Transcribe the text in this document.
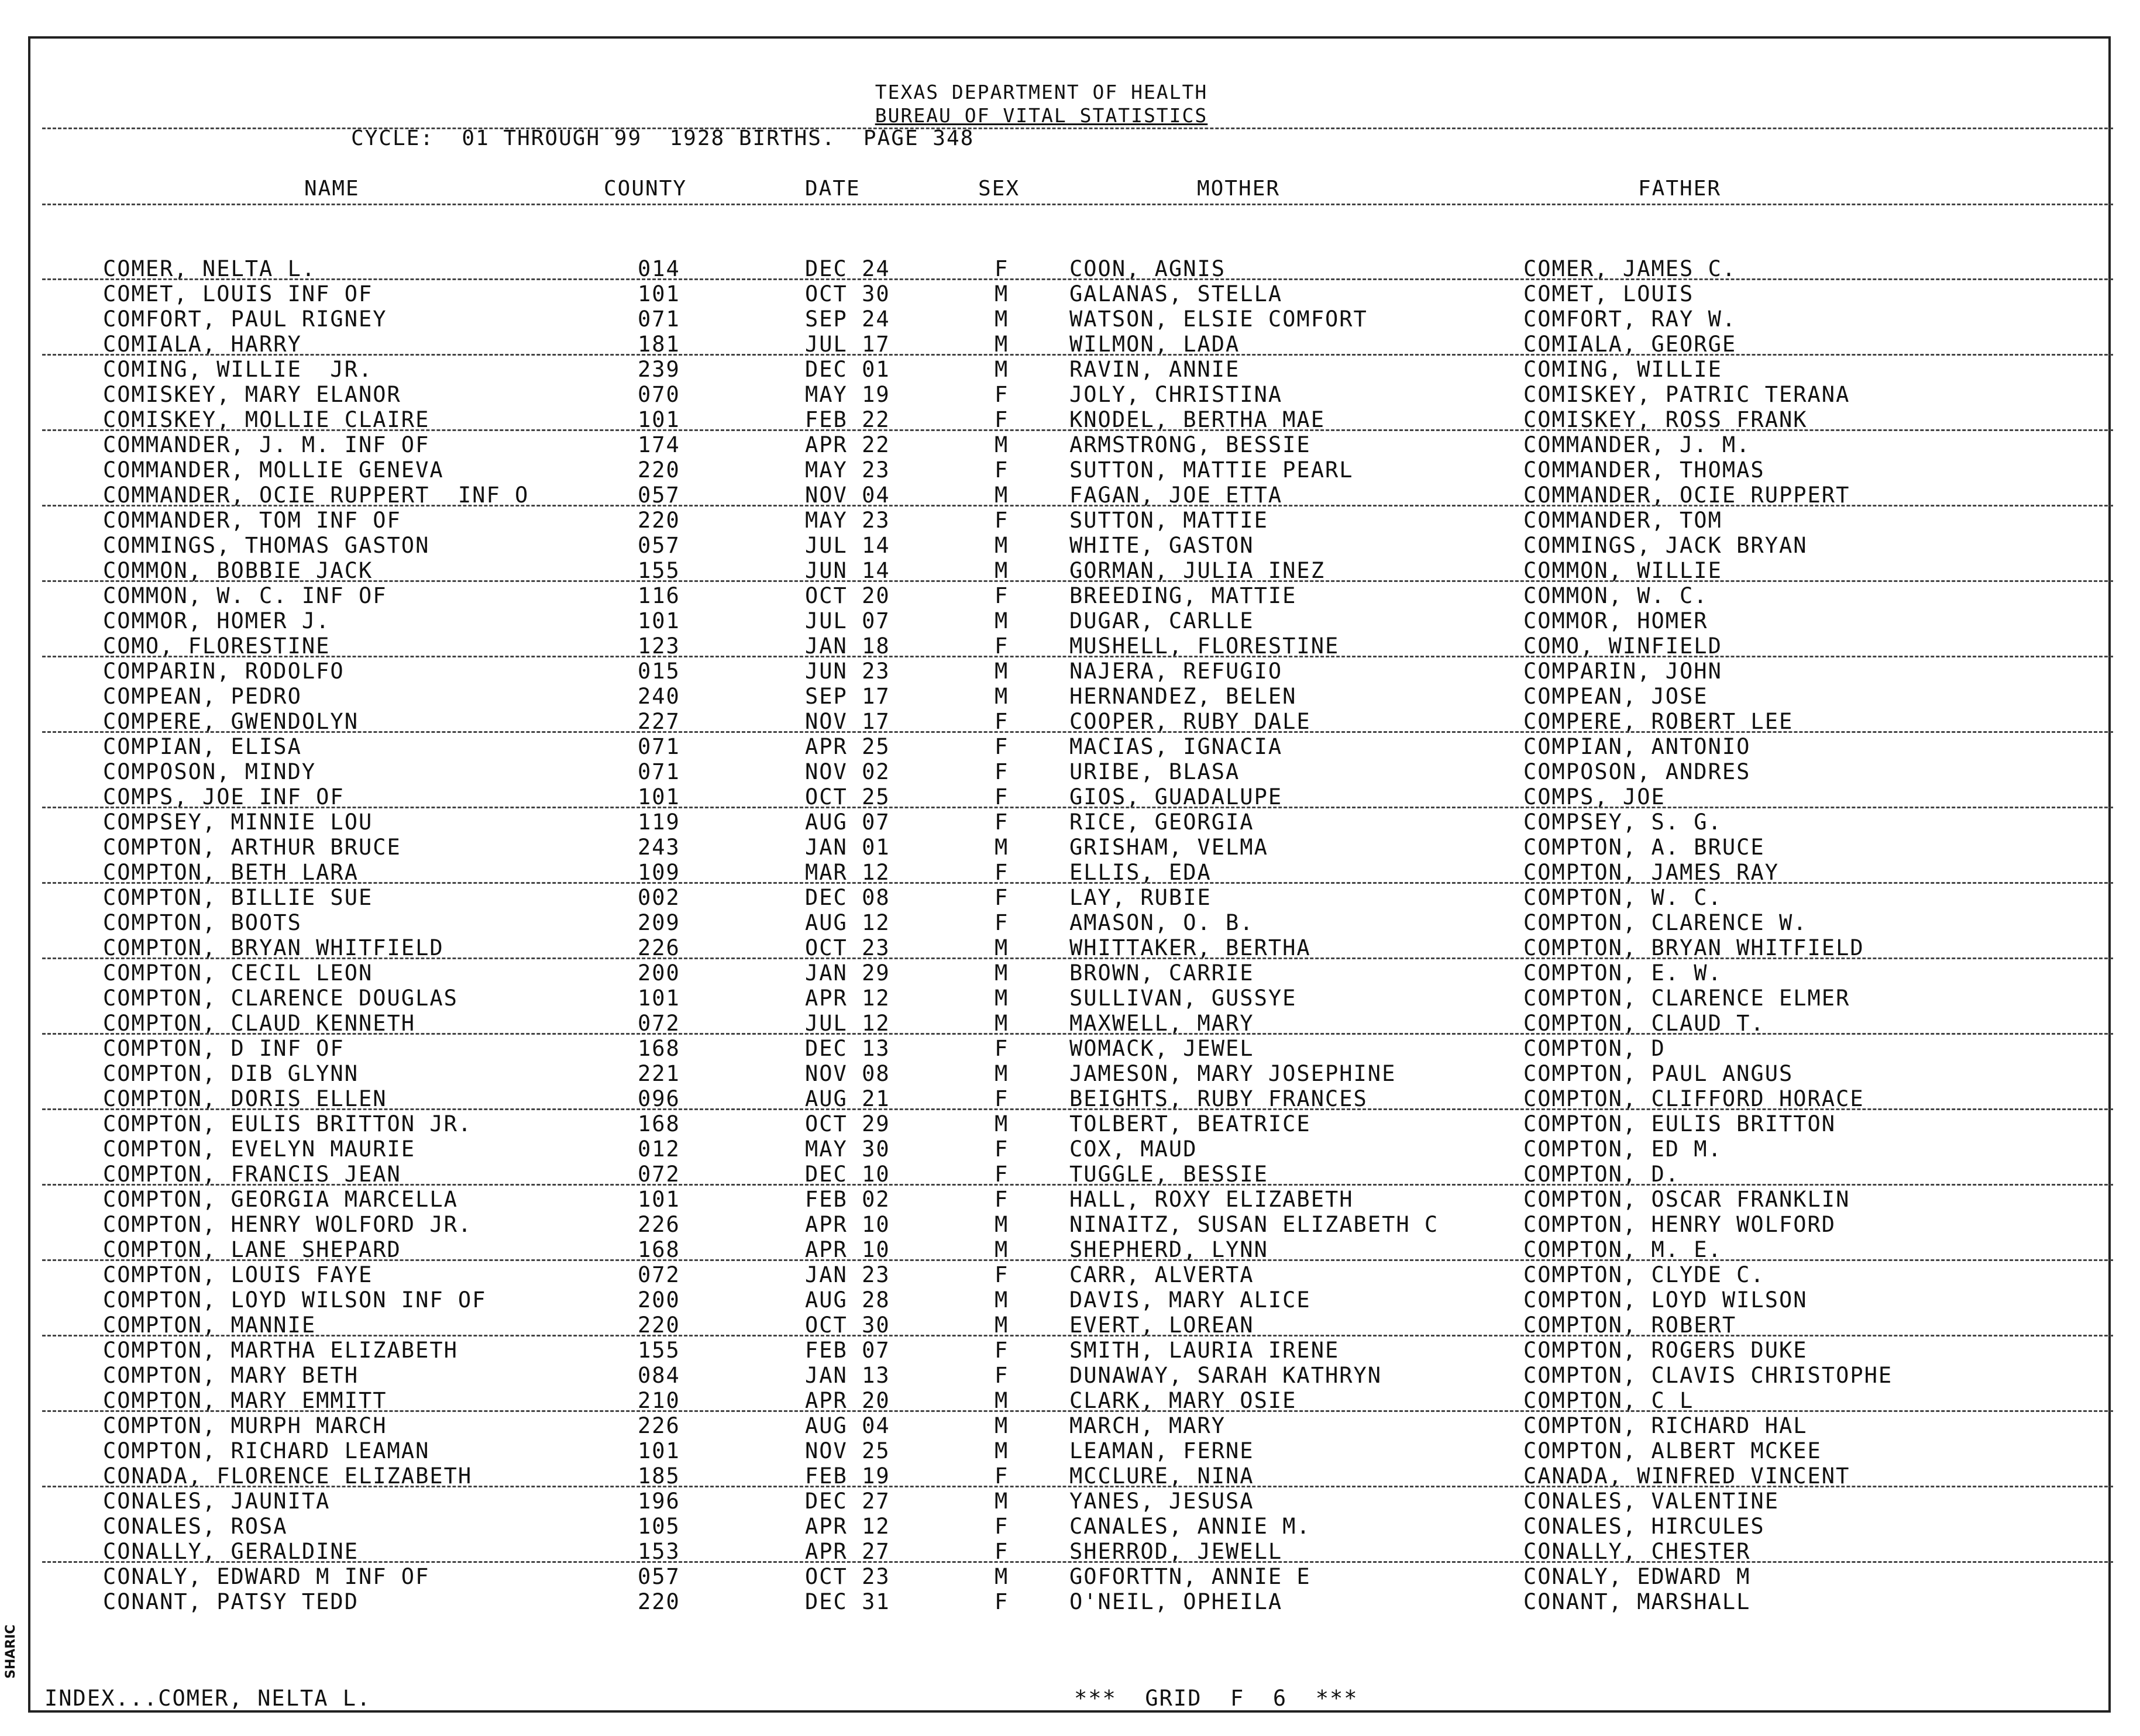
TEXAS DEPARTMENT OF HEALTH
BUREAU OF VITAL STATISTICS
CYCLE:  01 THROUGH 99  1928 BIRTHS.  PAGE 348
NAME	COUNTY	DATE	SEX	MOTHER	FATHER
COMER, NELTA L.	014	DEC 24	F	COON, AGNIS	COMER, JAMES C.
COMET, LOUIS INF OF	101	OCT 30	M	GALANAS, STELLA	COMET, LOUIS
COMFORT, PAUL RIGNEY	071	SEP 24	M	WATSON, ELSIE COMFORT	COMFORT, RAY W.
COMIALA, HARRY	181	JUL 17	M	WILMON, LADA	COMIALA, GEORGE
COMING, WILLIE  JR.	239	DEC 01	M	RAVIN, ANNIE	COMING, WILLIE
COMISKEY, MARY ELANOR	070	MAY 19	F	JOLY, CHRISTINA	COMISKEY, PATRIC TERANA
COMISKEY, MOLLIE CLAIRE	101	FEB 22	F	KNODEL, BERTHA MAE	COMISKEY, ROSS FRANK
COMMANDER, J. M. INF OF	174	APR 22	M	ARMSTRONG, BESSIE	COMMANDER, J. M.
COMMANDER, MOLLIE GENEVA	220	MAY 23	F	SUTTON, MATTIE PEARL	COMMANDER, THOMAS
COMMANDER, OCIE RUPPERT  INF O	057	NOV 04	M	FAGAN, JOE ETTA	COMMANDER, OCIE RUPPERT
COMMANDER, TOM INF OF	220	MAY 23	F	SUTTON, MATTIE	COMMANDER, TOM
COMMINGS, THOMAS GASTON	057	JUL 14	M	WHITE, GASTON	COMMINGS, JACK BRYAN
COMMON, BOBBIE JACK	155	JUN 14	M	GORMAN, JULIA INEZ	COMMON, WILLIE
COMMON, W. C. INF OF	116	OCT 20	F	BREEDING, MATTIE	COMMON, W. C.
COMMOR, HOMER J.	101	JUL 07	M	DUGAR, CARLLE	COMMOR, HOMER
COMO, FLORESTINE	123	JAN 18	F	MUSHELL, FLORESTINE	COMO, WINFIELD
COMPARIN, RODOLFO	015	JUN 23	M	NAJERA, REFUGIO	COMPARIN, JOHN
COMPEAN, PEDRO	240	SEP 17	M	HERNANDEZ, BELEN	COMPEAN, JOSE
COMPERE, GWENDOLYN	227	NOV 17	F	COOPER, RUBY DALE	COMPERE, ROBERT LEE
COMPIAN, ELISA	071	APR 25	F	MACIAS, IGNACIA	COMPIAN, ANTONIO
COMPOSON, MINDY	071	NOV 02	F	URIBE, BLASA	COMPOSON, ANDRES
COMPS, JOE INF OF	101	OCT 25	F	GIOS, GUADALUPE	COMPS, JOE
COMPSEY, MINNIE LOU	119	AUG 07	F	RICE, GEORGIA	COMPSEY, S. G.
COMPTON, ARTHUR BRUCE	243	JAN 01	M	GRISHAM, VELMA	COMPTON, A. BRUCE
COMPTON, BETH LARA	109	MAR 12	F	ELLIS, EDA	COMPTON, JAMES RAY
COMPTON, BILLIE SUE	002	DEC 08	F	LAY, RUBIE	COMPTON, W. C.
COMPTON, BOOTS	209	AUG 12	F	AMASON, O. B.	COMPTON, CLARENCE W.
COMPTON, BRYAN WHITFIELD	226	OCT 23	M	WHITTAKER, BERTHA	COMPTON, BRYAN WHITFIELD
COMPTON, CECIL LEON	200	JAN 29	M	BROWN, CARRIE	COMPTON, E. W.
COMPTON, CLARENCE DOUGLAS	101	APR 12	M	SULLIVAN, GUSSYE	COMPTON, CLARENCE ELMER
COMPTON, CLAUD KENNETH	072	JUL 12	M	MAXWELL, MARY	COMPTON, CLAUD T.
COMPTON, D INF OF	168	DEC 13	F	WOMACK, JEWEL	COMPTON, D
COMPTON, DIB GLYNN	221	NOV 08	M	JAMESON, MARY JOSEPHINE	COMPTON, PAUL ANGUS
COMPTON, DORIS ELLEN	096	AUG 21	F	BEIGHTS, RUBY FRANCES	COMPTON, CLIFFORD HORACE
COMPTON, EULIS BRITTON JR.	168	OCT 29	M	TOLBERT, BEATRICE	COMPTON, EULIS BRITTON
COMPTON, EVELYN MAURIE	012	MAY 30	F	COX, MAUD	COMPTON, ED M.
COMPTON, FRANCIS JEAN	072	DEC 10	F	TUGGLE, BESSIE	COMPTON, D.
COMPTON, GEORGIA MARCELLA	101	FEB 02	F	HALL, ROXY ELIZABETH	COMPTON, OSCAR FRANKLIN
COMPTON, HENRY WOLFORD JR.	226	APR 10	M	NINAITZ, SUSAN ELIZABETH C	COMPTON, HENRY WOLFORD
COMPTON, LANE SHEPARD	168	APR 10	M	SHEPHERD, LYNN	COMPTON, M. E.
COMPTON, LOUIS FAYE	072	JAN 23	F	CARR, ALVERTA	COMPTON, CLYDE C.
COMPTON, LOYD WILSON INF OF	200	AUG 28	M	DAVIS, MARY ALICE	COMPTON, LOYD WILSON
COMPTON, MANNIE	220	OCT 30	M	EVERT, LOREAN	COMPTON, ROBERT
COMPTON, MARTHA ELIZABETH	155	FEB 07	F	SMITH, LAURIA IRENE	COMPTON, ROGERS DUKE
COMPTON, MARY BETH	084	JAN 13	F	DUNAWAY, SARAH KATHRYN	COMPTON, CLAVIS CHRISTOPHE
COMPTON, MARY EMMITT	210	APR 20	M	CLARK, MARY OSIE	COMPTON, C L
COMPTON, MURPH MARCH	226	AUG 04	M	MARCH, MARY	COMPTON, RICHARD HAL
COMPTON, RICHARD LEAMAN	101	NOV 25	M	LEAMAN, FERNE	COMPTON, ALBERT MCKEE
CONADA, FLORENCE ELIZABETH	185	FEB 19	F	MCCLURE, NINA	CANADA, WINFRED VINCENT
CONALES, JAUNITA	196	DEC 27	M	YANES, JESUSA	CONALES, VALENTINE
CONALES, ROSA	105	APR 12	F	CANALES, ANNIE M.	CONALES, HIRCULES
CONALLY, GERALDINE	153	APR 27	F	SHERROD, JEWELL	CONALLY, CHESTER
CONALY, EDWARD M INF OF	057	OCT 23	M	GOFORTTN, ANNIE E	CONALY, EDWARD M
CONANT, PATSY TEDD	220	DEC 31	F	O'NEIL, OPHEILA	CONANT, MARSHALL
SHARIC
INDEX...COMER, NELTA L.	***  GRID  F  6  ***
